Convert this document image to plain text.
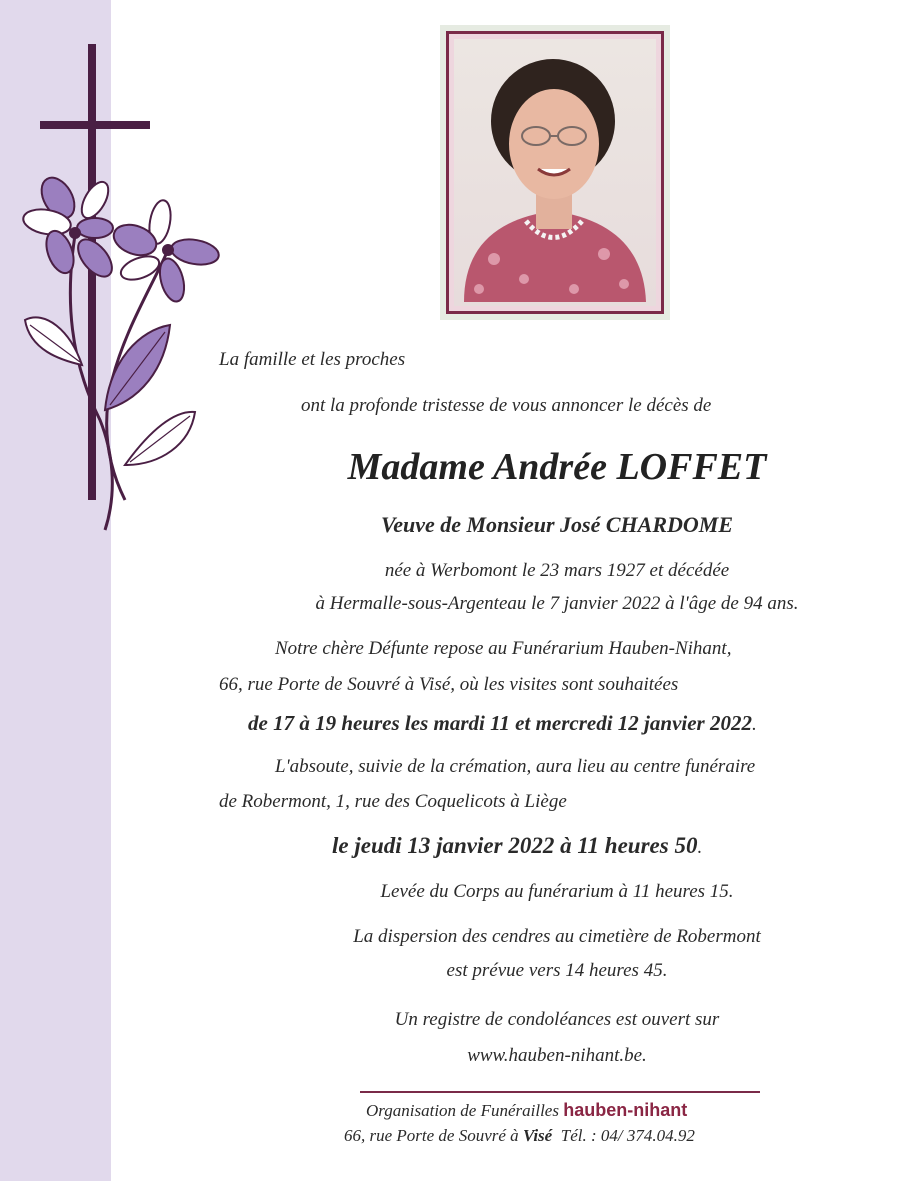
La famille et les proches
ont la profonde tristesse de vous annoncer le décès de
Madame Andrée LOFFET
Veuve de Monsieur José CHARDOME
née à Werbomont le 23 mars 1927 et décédée
à Hermalle-sous-Argenteau le 7 janvier 2022 à l'âge de 94 ans.
Notre chère Défunte repose au Funérarium Hauben-Nihant,
66, rue Porte de Souvré à Visé, où les visites sont souhaitées
de 17 à 19 heures les mardi 11 et mercredi 12 janvier 2022.
L'absoute, suivie de la crémation, aura lieu au centre funéraire
de Robermont, 1, rue des Coquelicots à Liège
le jeudi 13 janvier 2022 à 11 heures 50.
Levée du Corps au funérarium à 11 heures 15.
La dispersion des cendres au cimetière de Robermont
est prévue vers 14 heures 45.
Un registre de condoléances est ouvert sur
www.hauben-nihant.be.
Organisation de Funérailles hauben-nihant
66, rue Porte de Souvré à Visé Tél. : 04/ 374.04.92
